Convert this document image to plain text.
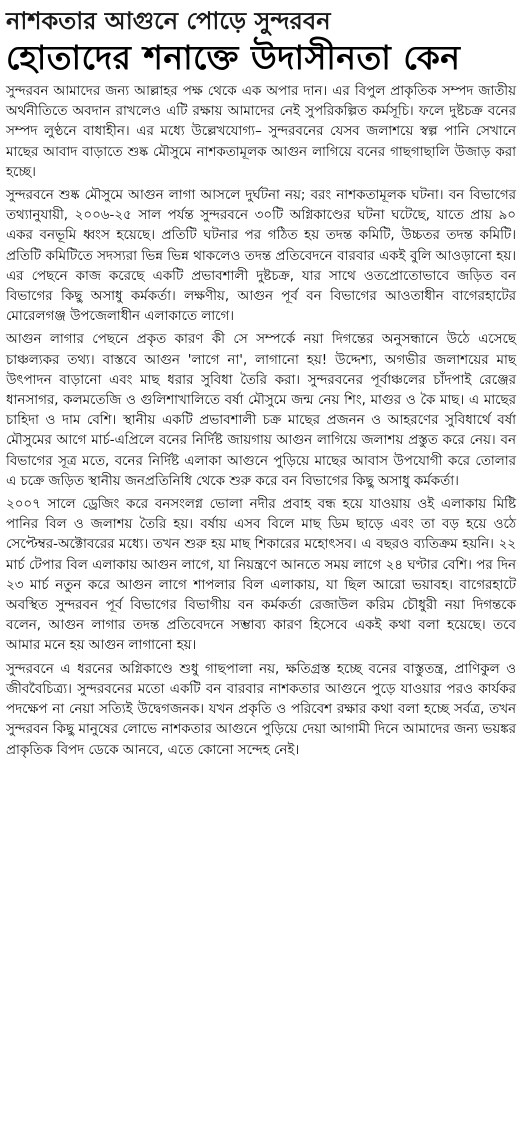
নাশকতার আগুনে পোড়ে সুন্দরবন
হোতাদের শনাক্তে উদাসীনতা কেন

সুন্দরবন আমাদের জন্য আল্লাহর পক্ষ থেকে এক অপার দান। এর বিপুল প্রাকৃতিক সম্পদ জাতীয় অর্থনীতিতে অবদান রাখলেও এটি রক্ষায় আমাদের নেই সুপরিকল্পিত কর্মসূচি। ফলে দুষ্টচক্র বনের সম্পদ লুণ্ঠনে বাধাহীন। এর মধ্যে উল্লেখযোগ্য– সুন্দরবনের যেসব জলাশয়ে স্বল্প পানি সেখানে মাছের আবাদ বাড়াতে শুষ্ক মৌসুমে নাশকতামূলক আগুন লাগিয়ে বনের গাছগাছালি উজাড় করা হচ্ছে।

সুন্দরবনে শুষ্ক মৌসুমে আগুন লাগা আসলে দুর্ঘটনা নয়; বরং নাশকতামূলক ঘটনা। বন বিভাগের তথ্যানুযায়ী, ২০০৬-২৫ সাল পর্যন্ত সুন্দরবনে ৩০টি অগ্নিকাণ্ডের ঘটনা ঘটেছে, যাতে প্রায় ৯০ একর বনভূমি ধ্বংস হয়েছে। প্রতিটি ঘটনার পর গঠিত হয় তদন্ত কমিটি, উচ্চতর তদন্ত কমিটি। প্রতিটি কমিটিতে সদস্যরা ভিন্ন ভিন্ন থাকলেও তদন্ত প্রতিবেদনে বারবার একই বুলি আওড়ানো হয়। এর পেছনে কাজ করেছে একটি প্রভাবশালী দুষ্টচক্র, যার সাথে ওতপ্রোতোভাবে জড়িত বন বিভাগের কিছু অসাধু কর্মকর্তা। লক্ষণীয়, আগুন পূর্ব বন বিভাগের আওতাধীন বাগেরহাটের মোরেলগঞ্জ উপজেলাধীন এলাকাতে লাগে।

আগুন লাগার পেছনে প্রকৃত কারণ কী সে সম্পর্কে নয়া দিগন্তের অনুসন্ধানে উঠে এসেছে চাঞ্চল্যকর তথ্য। বাস্তবে আগুন 'লাগে না', লাগানো হয়! উদ্দেশ্য, অগভীর জলাশয়ের মাছ উৎপাদন বাড়ানো এবং মাছ ধরার সুবিধা তৈরি করা। সুন্দরবনের পূর্বাঞ্চলের চাঁদপাই রেঞ্জের ধানসাগর, কলমতেজি ও গুলিশাখালিতে বর্ষা মৌসুমে জন্ম নেয় শিং, মাগুর ও কৈ মাছ। এ মাছের চাহিদা ও দাম বেশি। স্থানীয় একটি প্রভাবশালী চক্র মাছের প্রজনন ও আহরণের সুবিধার্থে বর্ষা মৌসুমের আগে মার্চ-এপ্রিলে বনের নির্দিষ্ট জায়গায় আগুন লাগিয়ে জলাশয় প্রস্তুত করে নেয়। বন বিভাগের সূত্র মতে, বনের নির্দিষ্ট এলাকা আগুনে পুড়িয়ে মাছের আবাস উপযোগী করে তোলার এ চক্রে জড়িত স্থানীয় জনপ্রতিনিধি থেকে শুরু করে বন বিভাগের কিছু অসাধু কর্মকর্তা।

২০০৭ সালে ড্রেজিং করে বনসংলগ্ন ভোলা নদীর প্রবাহ বন্ধ হয়ে যাওয়ায় ওই এলাকায় মিষ্টি পানির বিল ও জলাশয় তৈরি হয়। বর্ষায় এসব বিলে মাছ ডিম ছাড়ে এবং তা বড় হয়ে ওঠে সেপ্টেম্বর-অক্টোবরের মধ্যে। তখন শুরু হয় মাছ শিকারের মহোৎসব। এ বছরও ব্যতিক্রম হয়নি। ২২ মার্চ টেপার বিল এলাকায় আগুন লাগে, যা নিয়ন্ত্রণে আনতে সময় লাগে ২৪ ঘণ্টার বেশি। পর দিন ২৩ মার্চ নতুন করে আগুন লাগে শাপলার বিল এলাকায়, যা ছিল আরো ভয়াবহ। বাগেরহাটে অবস্থিত সুন্দরবন পূর্ব বিভাগের বিভাগীয় বন কর্মকর্তা রেজাউল করিম চৌধুরী নয়া দিগন্তকে বলেন, আগুন লাগার তদন্ত প্রতিবেদনে সম্ভাব্য কারণ হিসেবে একই কথা বলা হয়েছে। তবে আমার মনে হয় আগুন লাগানো হয়।

সুন্দরবনে এ ধরনের অগ্নিকাণ্ডে শুধু গাছপালা নয়, ক্ষতিগ্রস্ত হচ্ছে বনের বাস্তুতন্ত্র, প্রাণিকুল ও জীববৈচিত্র্য। সুন্দরবনের মতো একটি বন বারবার নাশকতার আগুনে পুড়ে যাওয়ার পরও কার্যকর পদক্ষেপ না নেয়া সত্যিই উদ্বেগজনক। যখন প্রকৃতি ও পরিবেশ রক্ষার কথা বলা হচ্ছে সর্বত্র, তখন সুন্দরবন কিছু মানুষের লোভে নাশকতার আগুনে পুড়িয়ে দেয়া আগামী দিনে আমাদের জন্য ভয়ঙ্কর প্রাকৃতিক বিপদ ডেকে আনবে, এতে কোনো সন্দেহ নেই।
